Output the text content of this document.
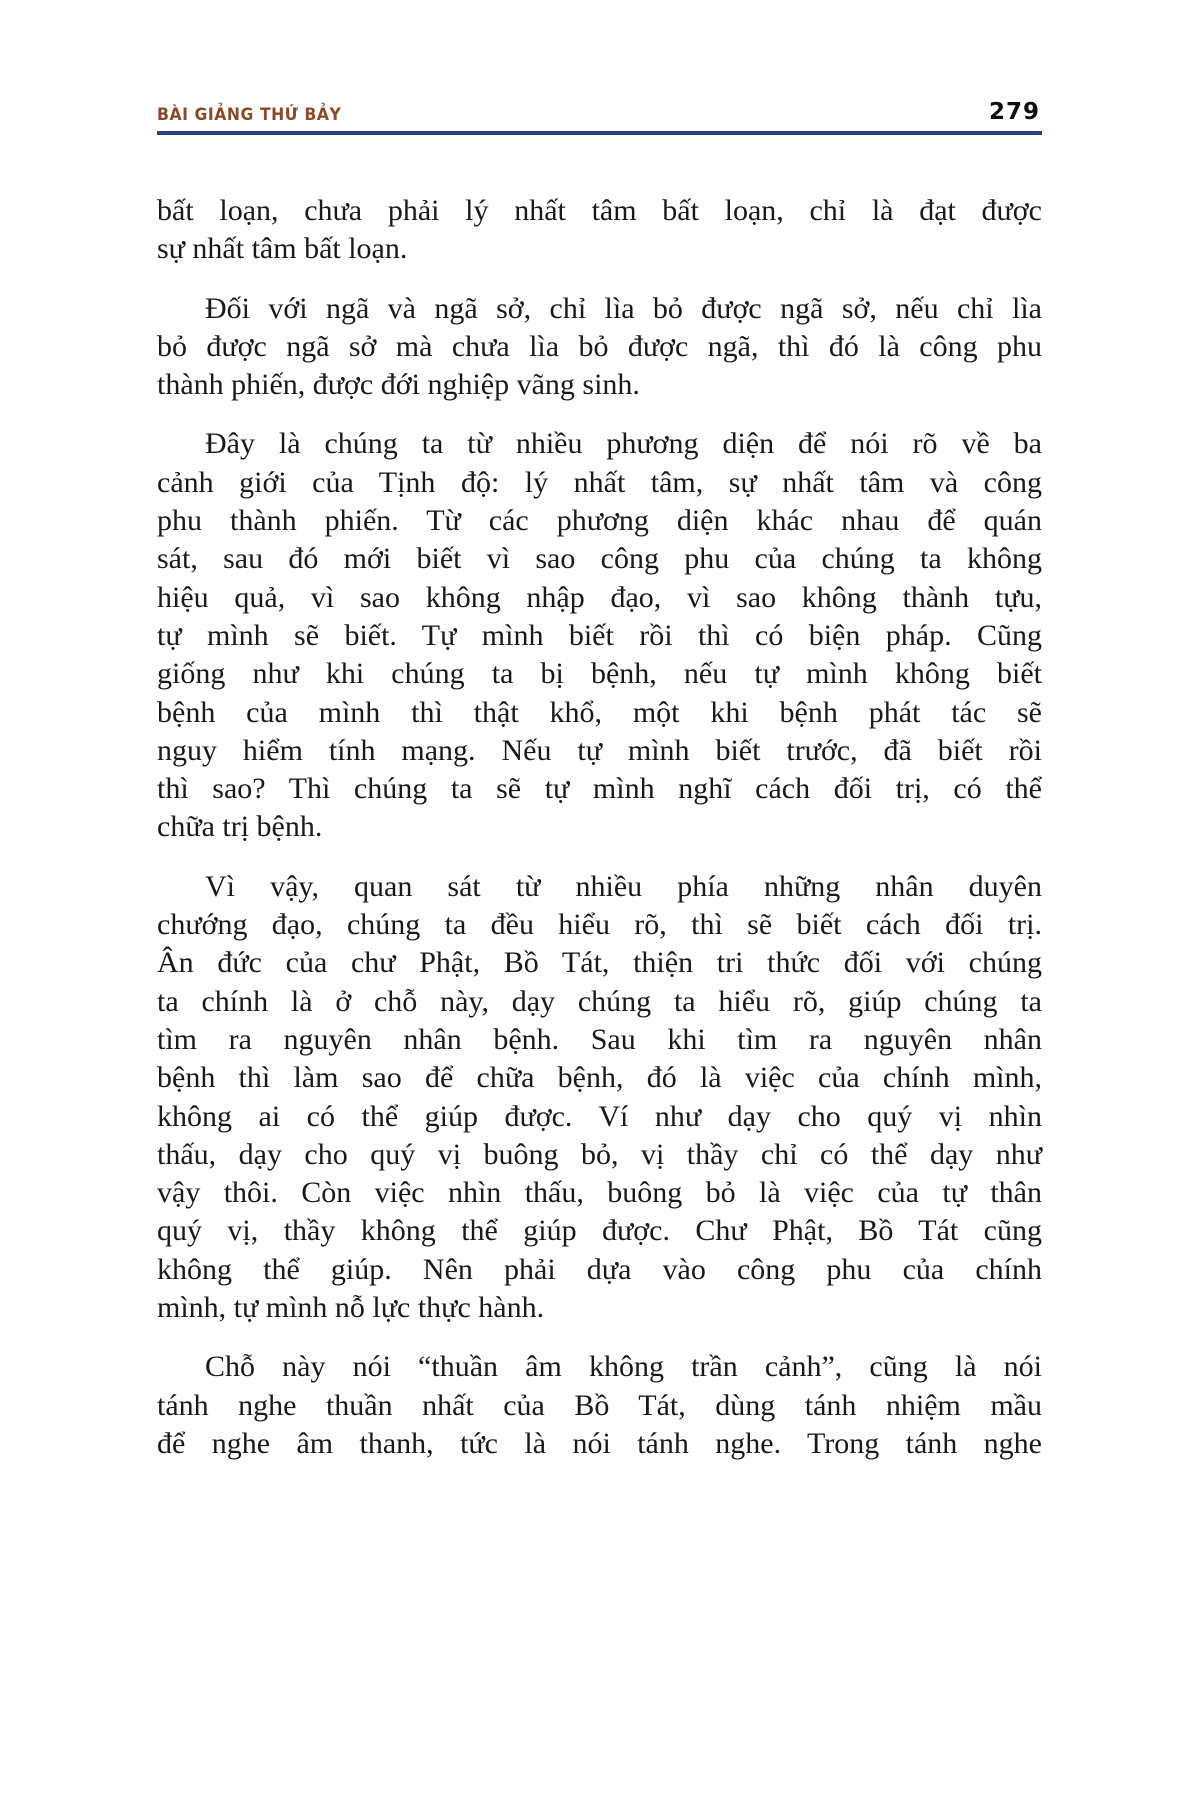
BÀI GIẢNG THỨ BẢY	279
bất loạn, chưa phải lý nhất tâm bất loạn, chỉ là đạt được
sự nhất tâm bất loạn.
Đối với ngã và ngã sở, chỉ lìa bỏ được ngã sở, nếu chỉ lìa
bỏ được ngã sở mà chưa lìa bỏ được ngã, thì đó là công phu
thành phiến, được đới nghiệp vãng sinh.
Đây là chúng ta từ nhiều phương diện để nói rõ về ba
cảnh giới của Tịnh độ: lý nhất tâm, sự nhất tâm và công
phu thành phiến. Từ các phương diện khác nhau để quán
sát, sau đó mới biết vì sao công phu của chúng ta không
hiệu quả, vì sao không nhập đạo, vì sao không thành tựu,
tự mình sẽ biết. Tự mình biết rồi thì có biện pháp. Cũng
giống như khi chúng ta bị bệnh, nếu tự mình không biết
bệnh của mình thì thật khổ, một khi bệnh phát tác sẽ
nguy hiểm tính mạng. Nếu tự mình biết trước, đã biết rồi
thì sao? Thì chúng ta sẽ tự mình nghĩ cách đối trị, có thể
chữa trị bệnh.
Vì vậy, quan sát từ nhiều phía những nhân duyên
chướng đạo, chúng ta đều hiểu rõ, thì sẽ biết cách đối trị.
Ân đức của chư Phật, Bồ Tát, thiện tri thức đối với chúng
ta chính là ở chỗ này, dạy chúng ta hiểu rõ, giúp chúng ta
tìm ra nguyên nhân bệnh. Sau khi tìm ra nguyên nhân
bệnh thì làm sao để chữa bệnh, đó là việc của chính mình,
không ai có thể giúp được. Ví như dạy cho quý vị nhìn
thấu, dạy cho quý vị buông bỏ, vị thầy chỉ có thể dạy như
vậy thôi. Còn việc nhìn thấu, buông bỏ là việc của tự thân
quý vị, thầy không thể giúp được. Chư Phật, Bồ Tát cũng
không thể giúp. Nên phải dựa vào công phu của chính
mình, tự mình nỗ lực thực hành.
Chỗ này nói “thuần âm không trần cảnh”, cũng là nói
tánh nghe thuần nhất của Bồ Tát, dùng tánh nhiệm mầu
để nghe âm thanh, tức là nói tánh nghe. Trong tánh nghe
